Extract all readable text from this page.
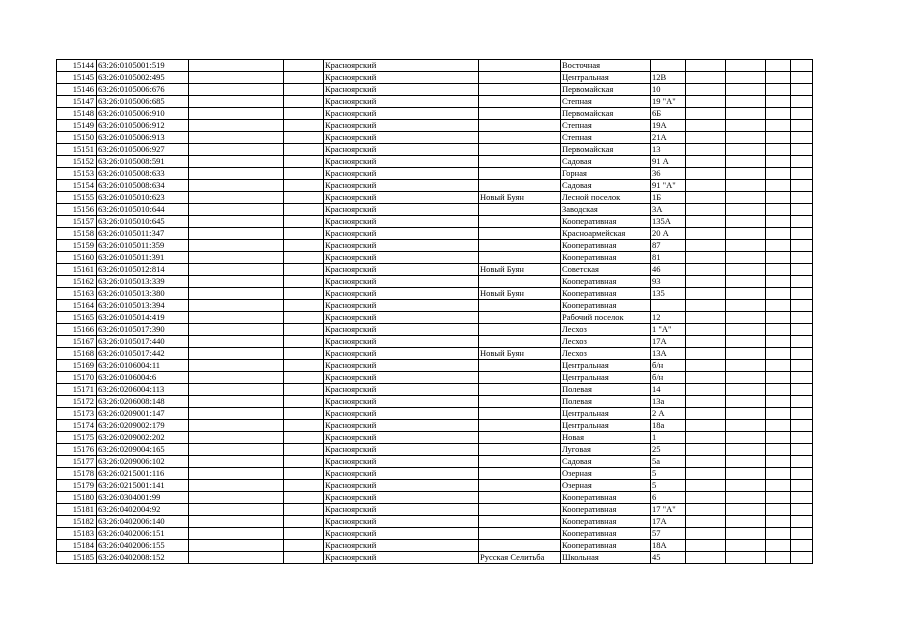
15144	63:26:0105001:519			Красноярский		Восточная					
15145	63:26:0105002:495			Красноярский		Центральная	12В				
15146	63:26:0105006:676			Красноярский		Первомайская	10				
15147	63:26:0105006:685			Красноярский		Степная	19 "А"				
15148	63:26:0105006:910			Красноярский		Первомайская	6Б				
15149	63:26:0105006:912			Красноярский		Степная	19А				
15150	63:26:0105006:913			Красноярский		Степная	21А				
15151	63:26:0105006:927			Красноярский		Первомайская	13				
15152	63:26:0105008:591			Красноярский		Садовая	91 А				
15153	63:26:0105008:633			Красноярский		Горная	36				
15154	63:26:0105008:634			Красноярский		Садовая	91 "А"				
15155	63:26:0105010:623			Красноярский	Новый Буян	Лесной поселок	1Б				
15156	63:26:0105010:644			Красноярский		Заводская	3А				
15157	63:26:0105010:645			Красноярский		Кооперативная	135А				
15158	63:26:0105011:347			Красноярский		Красноармейская	20 А				
15159	63:26:0105011:359			Красноярский		Кооперативная	87				
15160	63:26:0105011:391			Красноярский		Кооперативная	81				
15161	63:26:0105012:814			Красноярский	Новый Буян	Советская	46				
15162	63:26:0105013:339			Красноярский		Кооперативная	93				
15163	63:26:0105013:380			Красноярский	Новый Буян	Кооперативная	135				
15164	63:26:0105013:394			Красноярский		Кооперативная					
15165	63:26:0105014:419			Красноярский		Рабочий поселок	12				
15166	63:26:0105017:390			Красноярский		Лесхоз	1 "А"				
15167	63:26:0105017:440			Красноярский		Лесхоз	17А				
15168	63:26:0105017:442			Красноярский	Новый Буян	Лесхоз	13А				
15169	63:26:0106004:11			Красноярский		Центральная	б/н				
15170	63:26:0106004:6			Красноярский		Центральная	б/н				
15171	63:26:0206004:113			Красноярский		Полевая	14				
15172	63:26:0206008:148			Красноярский		Полевая	13а				
15173	63:26:0209001:147			Красноярский		Центральная	2 А				
15174	63:26:0209002:179			Красноярский		Центральная	18а				
15175	63:26:0209002:202			Красноярский		Новая	1				
15176	63:26:0209004:165			Красноярский		Луговая	25				
15177	63:26:0209006:102			Красноярский		Садовая	5а				
15178	63:26:0215001:116			Красноярский		Озерная	5				
15179	63:26:0215001:141			Красноярский		Озерная	5				
15180	63:26:0304001:99			Красноярский		Кооперативная	6				
15181	63:26:0402004:92			Красноярский		Кооперативная	17 "А"				
15182	63:26:0402006:140			Красноярский		Кооперативная	17А				
15183	63:26:0402006:151			Красноярский		Кооперативная	57				
15184	63:26:0402006:155			Красноярский		Кооперативная	18А				
15185	63:26:0402008:152			Красноярский	Русская Селитьба	Школьная	45				
